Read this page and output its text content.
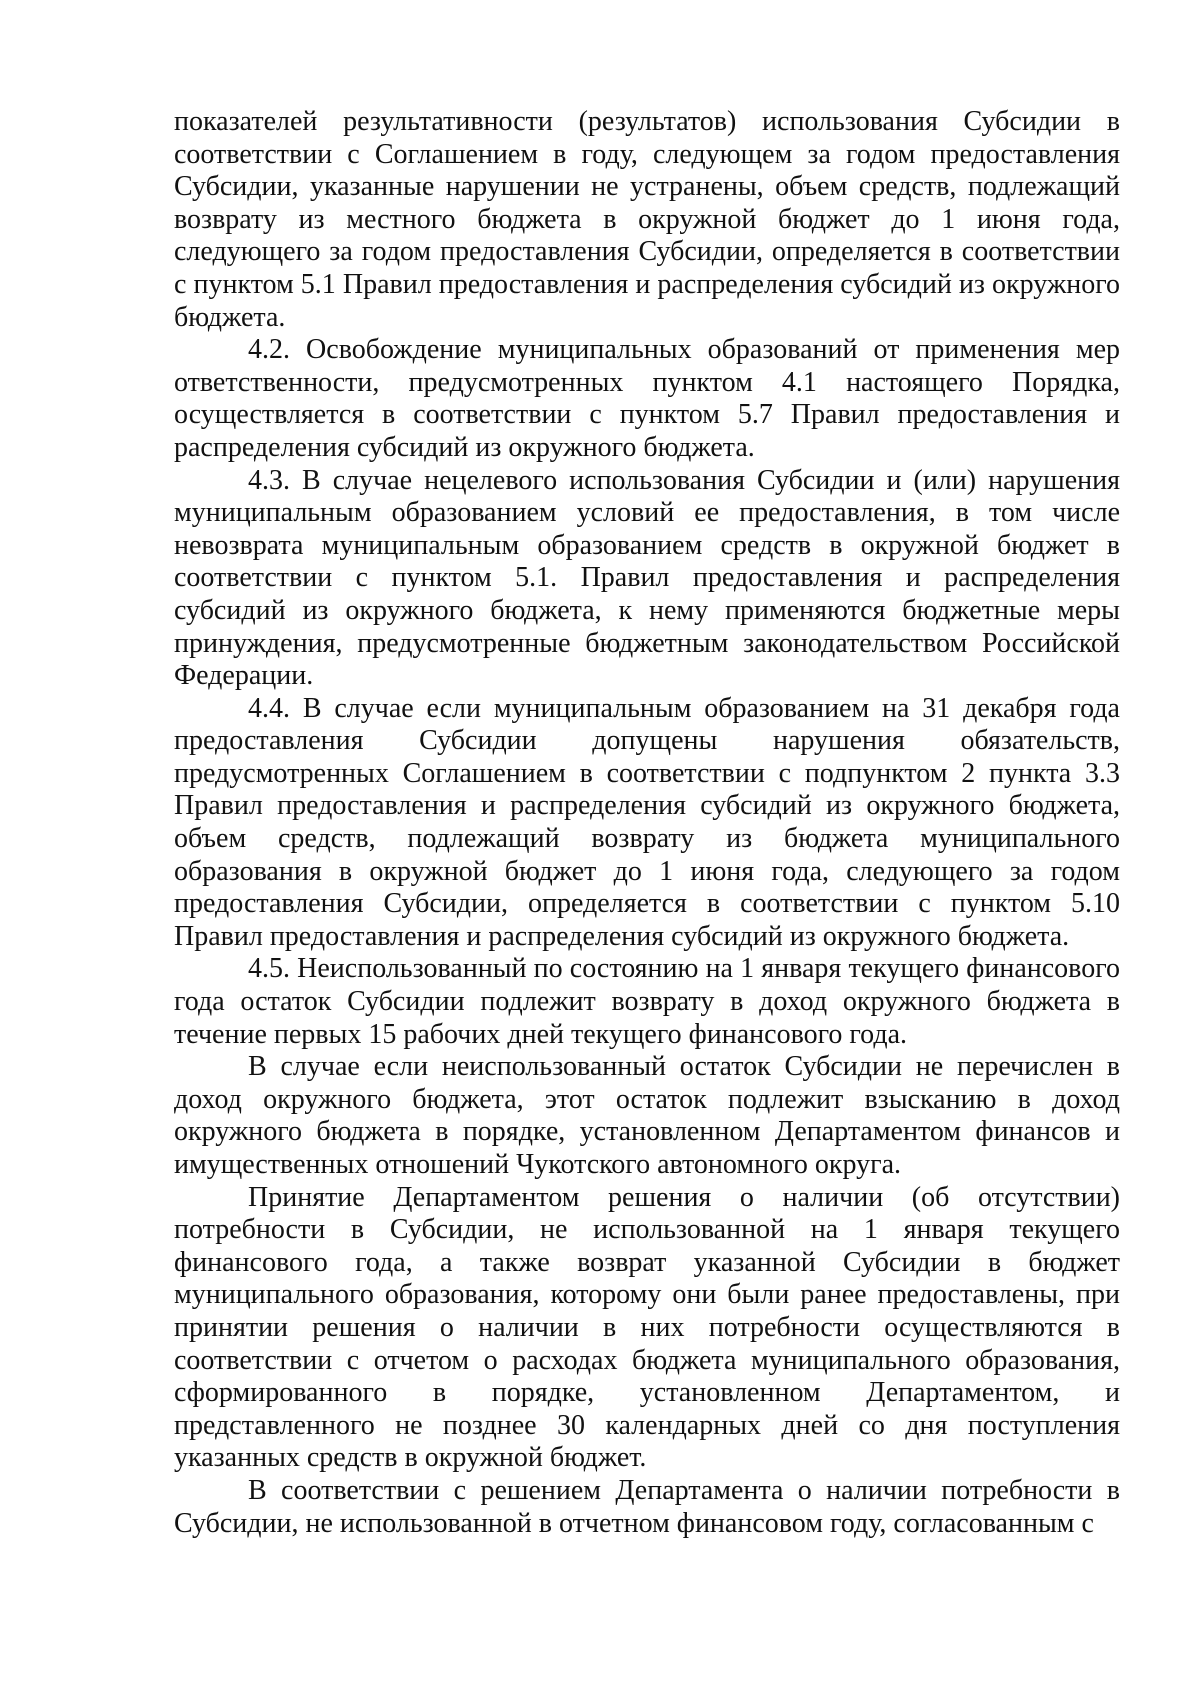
показателей результативности (результатов) использования Субсидии в соответствии с Соглашением в году, следующем за годом предоставления Субсидии, указанные нарушении не устранены, объем средств, подлежащий возврату из местного бюджета в окружной бюджет до 1 июня года, следующего за годом предоставления Субсидии, определяется в соответствии с пунктом 5.1 Правил предоставления и распределения субсидий из окружного бюджета.

4.2. Освобождение муниципальных образований от применения мер ответственности, предусмотренных пунктом 4.1 настоящего Порядка, осуществляется в соответствии с пунктом 5.7 Правил предоставления и распределения субсидий из окружного бюджета.

4.3. В случае нецелевого использования Субсидии и (или) нарушения муниципальным образованием условий ее предоставления, в том числе невозврата муниципальным образованием средств в окружной бюджет в соответствии с пунктом 5.1. Правил предоставления и распределения субсидий из окружного бюджета, к нему применяются бюджетные меры принуждения, предусмотренные бюджетным законодательством Российской Федерации.

4.4. В случае если муниципальным образованием на 31 декабря года предоставления Субсидии допущены нарушения обязательств, предусмотренных Соглашением в соответствии с подпунктом 2 пункта 3.3 Правил предоставления и распределения субсидий из окружного бюджета, объем средств, подлежащий возврату из бюджета муниципального образования в окружной бюджет до 1 июня года, следующего за годом предоставления Субсидии, определяется в соответствии с пунктом 5.10 Правил предоставления и распределения субсидий из окружного бюджета.

4.5. Неиспользованный по состоянию на 1 января текущего финансового года остаток Субсидии подлежит возврату в доход окружного бюджета в течение первых 15 рабочих дней текущего финансового года.

В случае если неиспользованный остаток Субсидии не перечислен в доход окружного бюджета, этот остаток подлежит взысканию в доход окружного бюджета в порядке, установленном Департаментом финансов и имущественных отношений Чукотского автономного округа.

Принятие Департаментом решения о наличии (об отсутствии) потребности в Субсидии, не использованной на 1 января текущего финансового года, а также возврат указанной Субсидии в бюджет муниципального образования, которому они были ранее предоставлены, при принятии решения о наличии в них потребности осуществляются в соответствии с отчетом о расходах бюджета муниципального образования, сформированного в порядке, установленном Департаментом, и представленного не позднее 30 календарных дней со дня поступления указанных средств в окружной бюджет.

В соответствии с решением Департамента о наличии потребности в Субсидии, не использованной в отчетном финансовом году, согласованным с
